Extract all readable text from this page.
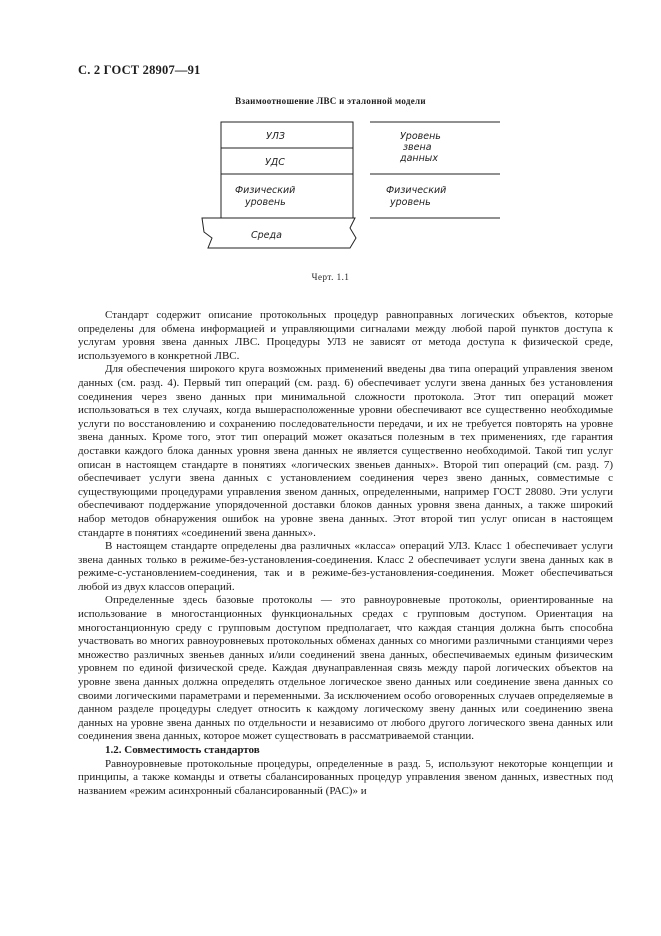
С. 2 ГОСТ 28907—91
Взаимоотношение ЛВС и эталонной модели
УЛЗ
УДС
Физический
уровень
Среда
Уровень
звена
данных
Физический
уровень
Черт. 1.1

Стандарт содержит описание протокольных процедур равноправных логических объектов, которые определены для обмена информацией и управляющими сигналами между любой парой пунктов доступа к услугам уровня звена данных ЛВС. Процедуры УЛЗ не зависят от метода доступа к физической среде, используемого в конкретной ЛВС.

Для обеспечения широкого круга возможных применений введены два типа операций управления звеном данных (см. разд. 4). Первый тип операций (см. разд. 6) обеспечивает услуги звена данных без установления соединения через звено данных при минимальной сложности протокола. Этот тип операций может использоваться в тех случаях, когда вышерасположенные уровни обеспечивают все существенно необходимые услуги по восстановлению и сохранению последовательности передачи, и их не требуется повторять на уровне звена данных. Кроме того, этот тип операций может оказаться полезным в тех применениях, где гарантия доставки каждого блока данных уровня звена данных не является существенно необходимой. Такой тип услуг описан в настоящем стандарте в понятиях «логических звеньев данных». Второй тип операций (см. разд. 7) обеспечивает услуги звена данных с установлением соединения через звено данных, совместимые с существующими процедурами управления звеном данных, определенными, например ГОСТ 28080. Эти услуги обеспечивают поддержание упорядоченной доставки блоков данных уровня звена данных, а также широкий набор методов обнаружения ошибок на уровне звена данных. Этот второй тип услуг описан в настоящем стандарте в понятиях «соединений звена данных».

В настоящем стандарте определены два различных «класса» операций УЛЗ. Класс 1 обеспечивает услуги звена данных только в режиме-без-установления-соединения. Класс 2 обеспечивает услуги звена данных как в режиме-с-установлением-соединения, так и в режиме-без-установления-соединения. Может обеспечиваться любой из двух классов операций.

Определенные здесь базовые протоколы — это равноуровневые протоколы, ориентированные на использование в многостанционных функциональных средах с групповым доступом. Ориентация на многостанционную среду с групповым доступом предполагает, что каждая станция должна быть способна участвовать во многих равноуровневых протокольных обменах данных со многими различными станциями через множество различных звеньев данных и/или соединений звена данных, обеспечиваемых единым физическим уровнем по единой физической среде. Каждая двунаправленная связь между парой логических объектов на уровне звена данных должна определять отдельное логическое звено данных или соединение звена данных со своими логическими параметрами и переменными. За исключением особо оговоренных случаев определяемые в данном разделе процедуры следует относить к каждому логическому звену данных или соединению звена данных на уровне звена данных по отдельности и независимо от любого другого логического звена данных или соединения звена данных, которое может существовать в рассматриваемой станции.

1.2. Совместимость стандартов

Равноуровневые протокольные процедуры, определенные в разд. 5, используют некоторые концепции и принципы, а также команды и ответы сбалансированных процедур управления звеном данных, известных под названием «режим асинхронный сбалансированный (РАС)» и
